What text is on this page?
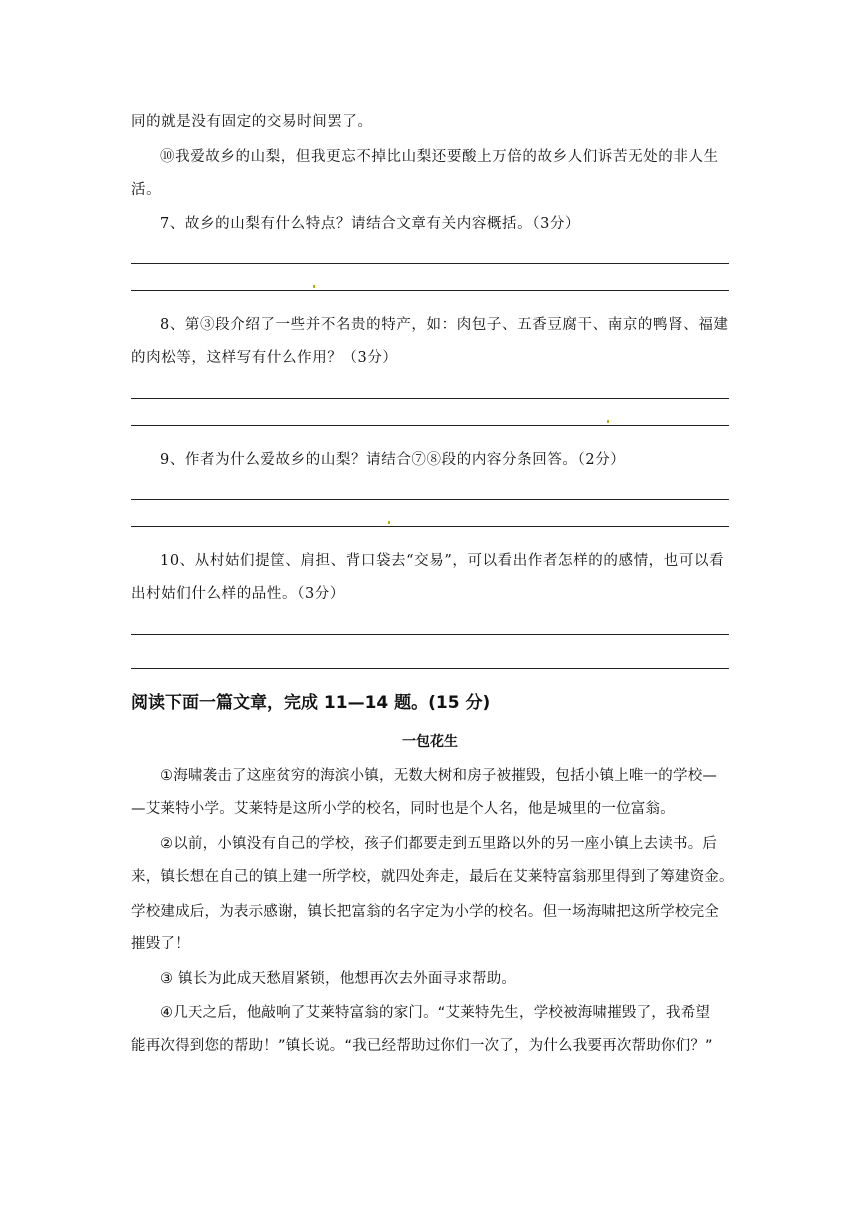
同的就是没有固定的交易时间罢了。
⑩我爱故乡的山梨，但我更忘不掉比山梨还要酸上万倍的故乡人们诉苦无处的非人生
活。
7、故乡的山梨有什么特点？请结合文章有关内容概括。（3分）
8、第③段介绍了一些并不名贵的特产，如：肉包子、五香豆腐干、南京的鸭肾、福建
的肉松等，这样写有什么作用？（3分）
9、作者为什么爱故乡的山梨？请结合⑦⑧段的内容分条回答。（2分）
10、从村姑们提筐、肩担、背口袋去“交易”，可以看出作者怎样的的感情，也可以看
出村姑们什么样的品性。（3分）
阅读下面一篇文章，完成 11—14 题。(15 分)
一包花生
①海啸袭击了这座贫穷的海滨小镇，无数大树和房子被摧毁，包括小镇上唯一的学校—
—艾莱特小学。艾莱特是这所小学的校名，同时也是个人名，他是城里的一位富翁。
②以前，小镇没有自己的学校，孩子们都要走到五里路以外的另一座小镇上去读书。后
来，镇长想在自己的镇上建一所学校，就四处奔走，最后在艾莱特富翁那里得到了筹建资金。
学校建成后，为表示感谢，镇长把富翁的名字定为小学的校名。但一场海啸把这所学校完全
摧毁了！
③ 镇长为此成天愁眉紧锁，他想再次去外面寻求帮助。
④几天之后，他敲响了艾莱特富翁的家门。“艾莱特先生，学校被海啸摧毁了，我希望
能再次得到您的帮助！”镇长说。“我已经帮助过你们一次了，为什么我要再次帮助你们？”
